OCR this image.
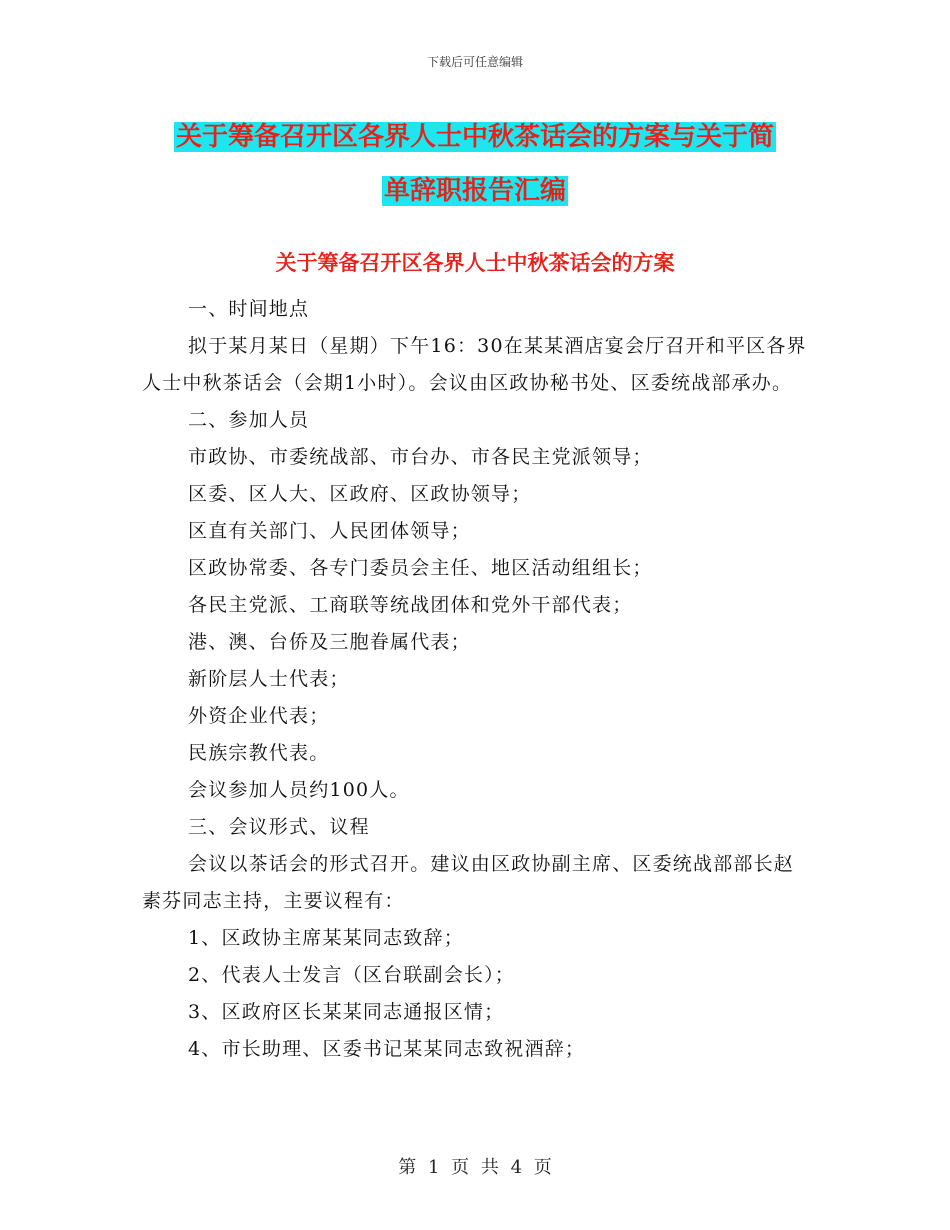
下载后可任意编辑
关于筹备召开区各界人士中秋茶话会的方案与关于简
单辞职报告汇编
关于筹备召开区各界人士中秋茶话会的方案

一、时间地点

拟于某月某日（星期）下午16：30在某某酒店宴会厅召开和平区各界人士中秋茶话会（会期1小时）。会议由区政协秘书处、区委统战部承办。

二、参加人员

市政协、市委统战部、市台办、市各民主党派领导；

区委、区人大、区政府、区政协领导；

区直有关部门、人民团体领导；

区政协常委、各专门委员会主任、地区活动组组长；

各民主党派、工商联等统战团体和党外干部代表；

港、澳、台侨及三胞眷属代表；

新阶层人士代表；

外资企业代表；

民族宗教代表。

会议参加人员约100人。

三、会议形式、议程

会议以茶话会的形式召开。建议由区政协副主席、区委统战部部长赵素芬同志主持，主要议程有：

1、区政协主席某某同志致辞；

2、代表人士发言（区台联副会长）；

3、区政府区长某某同志通报区情；

4、市长助理、区委书记某某同志致祝酒辞；

第 1 页 共 4 页
